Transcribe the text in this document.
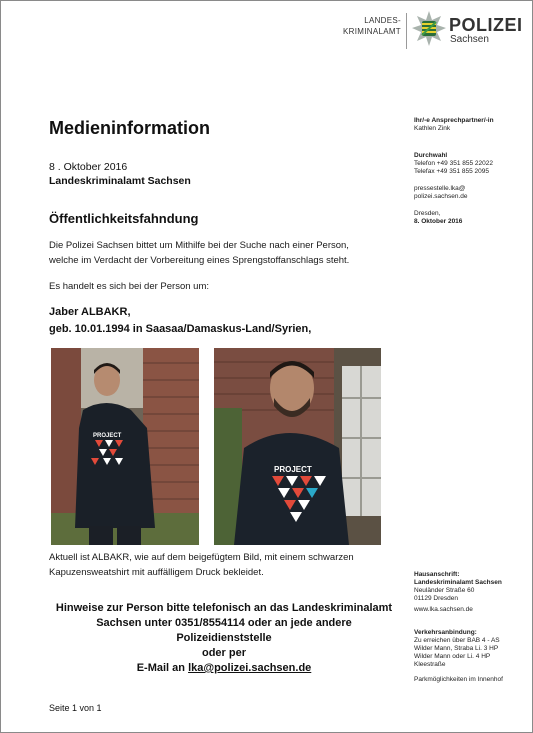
LANDES-
KRIMINALAMT	POLIZEI
Sachsen
Medieninformation
8 . Oktober 2016
Landeskriminalamt Sachsen
Öffentlichkeitsfahndung
Die Polizei Sachsen bittet um Mithilfe bei der Suche nach einer Person,
welche im Verdacht der Vorbereitung eines Sprengstoffanschlags steht.
Es handelt es sich bei der Person um:
Jaber ALBAKR,
geb. 10.01.1994 in Saasaa/Damaskus-Land/Syrien,
PROJECT
PROJECT
Aktuell ist ALBAKR, wie auf dem beigefügtem Bild, mit einem schwarzen
Kapuzensweatshirt mit auffälligem Druck bekleidet.
Hinweise zur Person bitte telefonisch an das Landeskriminalamt
Sachsen unter 0351/8554114 oder an jede andere Polizeidienststelle
oder per
E-Mail an lka@polizei.sachsen.de
Seite 1 von 1
Ihr/-e Ansprechpartner/-in
Kathlen Zink
Durchwahl
Telefon +49 351 855 22022
Telefax +49 351 855 2095
pressestelle.lka@
polizei.sachsen.de
Dresden,
8. Oktober 2016
Hausanschrift:
Landeskriminalamt Sachsen
Neuländer Straße 60
01129 Dresden
www.lka.sachsen.de
Verkehrsanbindung:
Zu erreichen über BAB 4 - AS
Wilder Mann, Straba Li. 3 HP
Wilder Mann oder Li. 4 HP
Kleestraße
Parkmöglichkeiten im Innenhof
